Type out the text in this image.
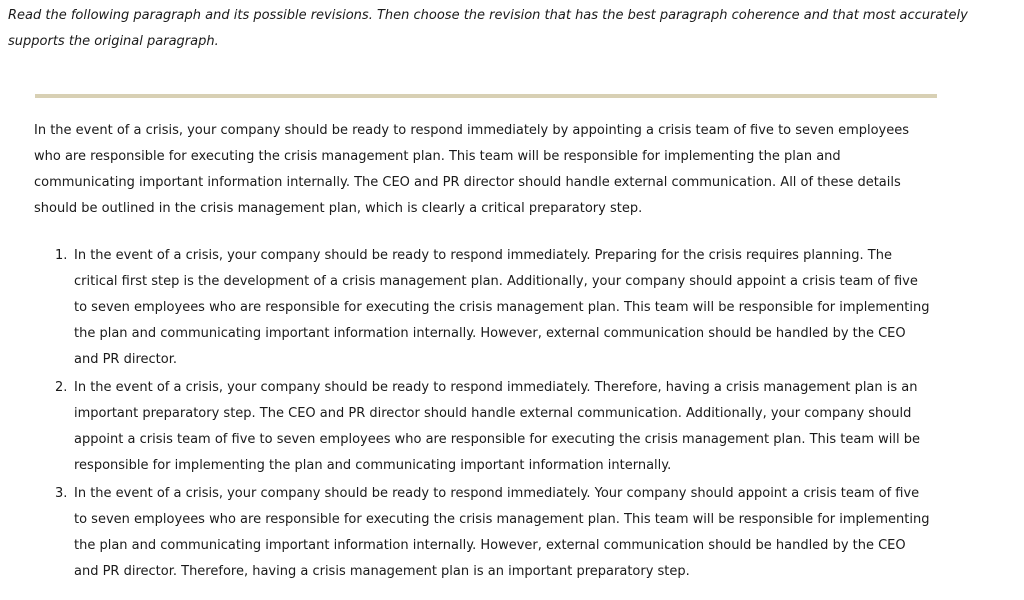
Read the following paragraph and its possible revisions. Then choose the revision that has the best paragraph coherence and that most accurately supports the original paragraph.

In the event of a crisis, your company should be ready to respond immediately by appointing a crisis team of five to seven employees who are responsible for executing the crisis management plan. This team will be responsible for implementing the plan and communicating important information internally. The CEO and PR director should handle external communication. All of these details should be outlined in the crisis management plan, which is clearly a critical preparatory step.

1. In the event of a crisis, your company should be ready to respond immediately. Preparing for the crisis requires planning. The critical first step is the development of a crisis management plan. Additionally, your company should appoint a crisis team of five to seven employees who are responsible for executing the crisis management plan. This team will be responsible for implementing the plan and communicating important information internally. However, external communication should be handled by the CEO and PR director.
2. In the event of a crisis, your company should be ready to respond immediately. Therefore, having a crisis management plan is an important preparatory step. The CEO and PR director should handle external communication. Additionally, your company should appoint a crisis team of five to seven employees who are responsible for executing the crisis management plan. This team will be responsible for implementing the plan and communicating important information internally.
3. In the event of a crisis, your company should be ready to respond immediately. Your company should appoint a crisis team of five to seven employees who are responsible for executing the crisis management plan. This team will be responsible for implementing the plan and communicating important information internally. However, external communication should be handled by the CEO and PR director. Therefore, having a crisis management plan is an important preparatory step.
